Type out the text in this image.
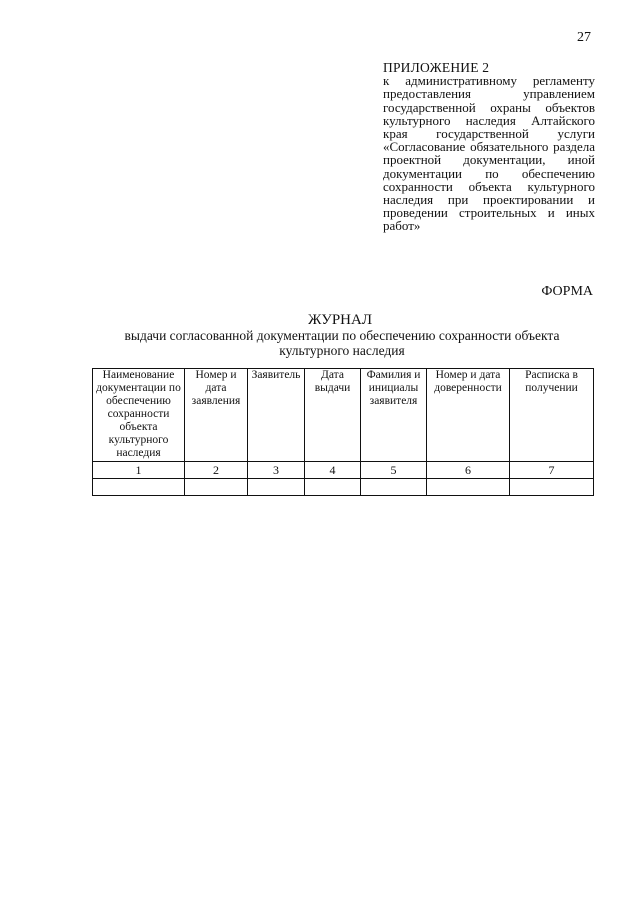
27
ПРИЛОЖЕНИЕ 2

к административному регламенту предоставления управлением государственной охраны объектов культурного наследия Алтайского края государственной услуги «Согласование обязательного раздела проектной документации, иной документации по обеспечению сохранности объекта культурного наследия при проектировании и проведении строительных и иных работ»

ФОРМА
ЖУРНАЛ
выдачи согласованной документации по обеспечению сохранности объекта культурного наследия
Наименование документации по обеспечению сохранности объекта культурного наследия	Номер и дата заявления	Заявитель	Дата выдачи	Фамилия и инициалы заявителя	Номер и дата доверенности	Расписка в получении
1	2	3	4	5	6	7
